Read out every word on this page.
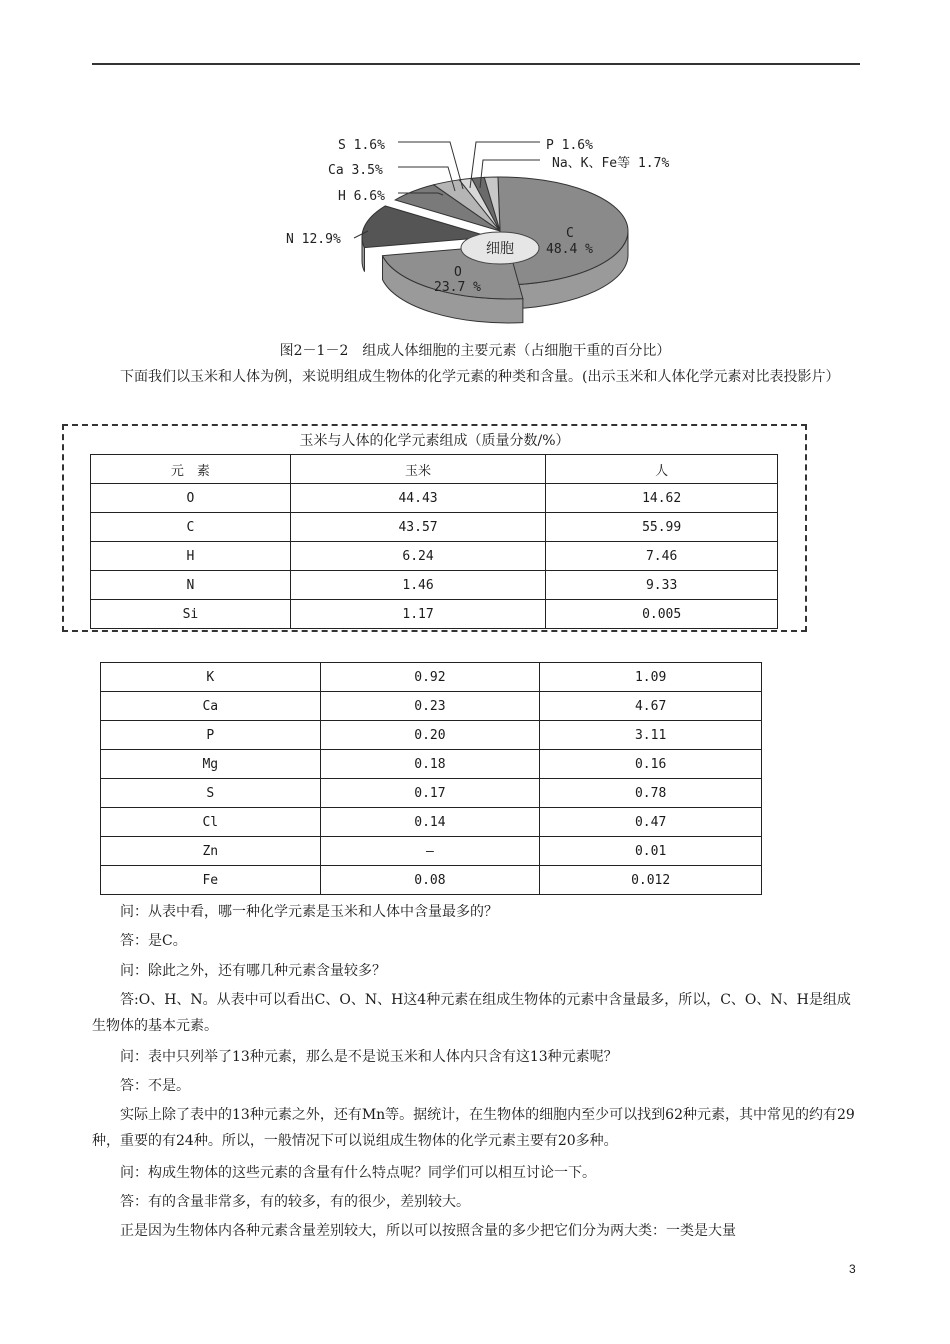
细胞
S 1.6%
Ca 3.5%
H 6.6%
N 12.9%
P 1.6%
Na、K、Fe等 1.7%
C
48.4 %
O
23.7 %
图2－1－2　组成人体细胞的主要元素（占细胞干重的百分比）

下面我们以玉米和人体为例，来说明组成生物体的化学元素的种类和含量。(出示玉米和人体化学元素对比表投影片）

玉米与人体的化学元素组成（质量分数/%）
元　素	玉米	人
O	44.43	14.62
C	43.57	55.99
H	6.24	7.46
N	1.46	9.33
Si	1.17	0.005
K	0.92	1.09
Ca	0.23	4.67
P	0.20	3.11
Mg	0.18	0.16
S	0.17	0.78
Cl	0.14	0.47
Zn	—	0.01
Fe	0.08	0.012

问：从表中看，哪一种化学元素是玉米和人体中含量最多的？

答：是C。

问：除此之外，还有哪几种元素含量较多？

答:O、H、N。从表中可以看出C、O、N、H这4种元素在组成生物体的元素中含量最多，所以，C、O、N、H是组成生物体的基本元素。

问：表中只列举了13种元素，那么是不是说玉米和人体内只含有这13种元素呢？

答：不是。

实际上除了表中的13种元素之外，还有Mn等。据统计，在生物体的细胞内至少可以找到62种元素，其中常见的约有29种，重要的有24种。所以，一般情况下可以说组成生物体的化学元素主要有20多种。

问：构成生物体的这些元素的含量有什么特点呢？同学们可以相互讨论一下。

答：有的含量非常多，有的较多，有的很少，差别较大。

正是因为生物体内各种元素含量差别较大，所以可以按照含量的多少把它们分为两大类：一类是大量

3
